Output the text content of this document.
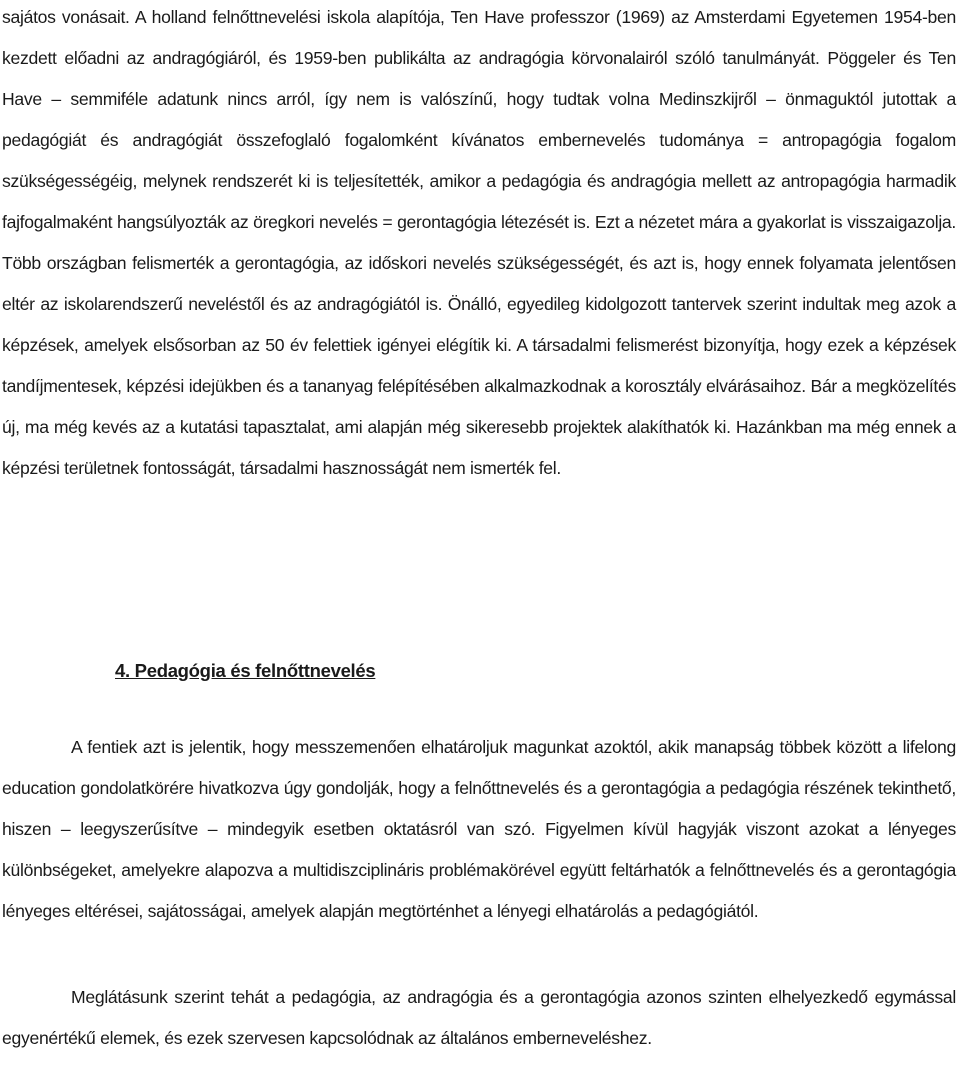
sajátos vonásait. A holland felnőttnevelési iskola alapítója, Ten Have professzor (1969) az Amsterdami Egyetemen 1954-ben kezdett előadni az andragógiáról, és 1959-ben publikálta az andragógia körvonalairól szóló tanulmányát. Pöggeler és Ten Have – semmiféle adatunk nincs arról, így nem is valószínű, hogy tudtak volna Medinszkijről – önmaguktól jutottak a pedagógiát és andragógiát összefoglaló fogalomként kívánatos embernevelés tudománya = antropagógia fogalom szükségességéig, melynek rendszerét ki is teljesítették, amikor a pedagógia és andragógia mellett az antropagógia harmadik fajfogalmaként hangsúlyozták az öregkori nevelés = gerontagógia létezését is. Ezt a nézetet mára a gyakorlat is visszaigazolja. Több országban felismerték a gerontagógia, az időskori nevelés szükségességét, és azt is, hogy ennek folyamata jelentősen eltér az iskolarendszerű neveléstől és az andragógiától is. Önálló, egyedileg kidolgozott tantervek szerint indultak meg azok a képzések, amelyek elsősorban az 50 év felettiek igényei elégítik ki. A társadalmi felismerést bizonyítja, hogy ezek a képzések tandíjmentesek, képzési idejükben és a tananyag felépítésében alkalmazkodnak a korosztály elvárásaihoz. Bár a megközelítés új, ma még kevés az a kutatási tapasztalat, ami alapján még sikeresebb projektek alakíthatók ki. Hazánkban ma még ennek a képzési területnek fontosságát, társadalmi hasznosságát nem ismerték fel.

4. Pedagógia és felnőttnevelés

A fentiek azt is jelentik, hogy messzemenően elhatároljuk magunkat azoktól, akik manapság többek között a lifelong education gondolatkörére hivatkozva úgy gondolják, hogy a felnőttnevelés és a gerontagógia a pedagógia részének tekinthető, hiszen – leegyszerűsítve – mindegyik esetben oktatásról van szó. Figyelmen kívül hagyják viszont azokat a lényeges különbségeket, amelyekre alapozva a multidiszciplináris problémakörével együtt feltárhatók a felnőttnevelés és a gerontagógia lényeges eltérései, sajátosságai, amelyek alapján megtörténhet a lényegi elhatárolás a pedagógiától.

Meglátásunk szerint tehát a pedagógia, az andragógia és a gerontagógia azonos szinten elhelyezkedő egymással egyenértékű elemek, és ezek szervesen kapcsolódnak az általános emberneveléshez.
